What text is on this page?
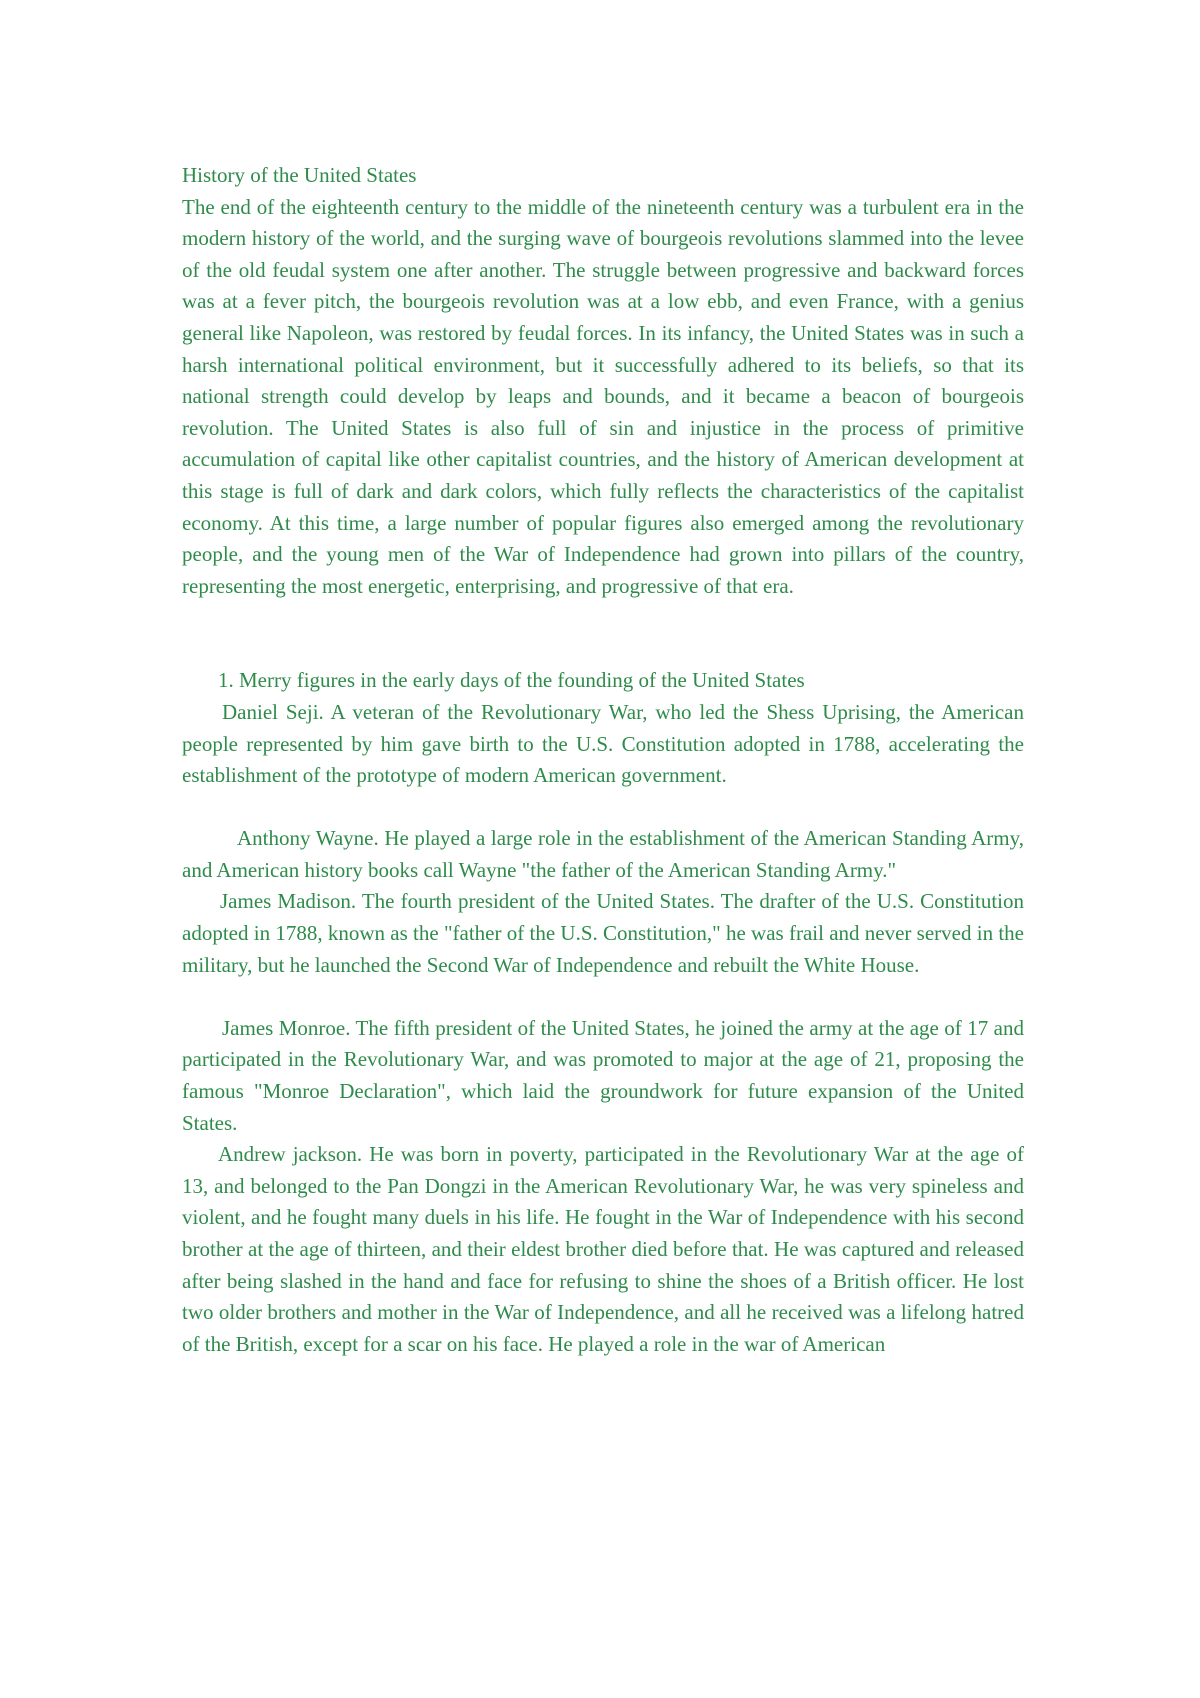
History of the United States

The end of the eighteenth century to the middle of the nineteenth century was a turbulent era in the modern history of the world, and the surging wave of bourgeois revolutions slammed into the levee of the old feudal system one after another. The struggle between progressive and backward forces was at a fever pitch, the bourgeois revolution was at a low ebb, and even France, with a genius general like Napoleon, was restored by feudal forces. In its infancy, the United States was in such a harsh international political environment, but it successfully adhered to its beliefs, so that its national strength could develop by leaps and bounds, and it became a beacon of bourgeois revolution. The United States is also full of sin and injustice in the process of primitive accumulation of capital like other capitalist countries, and the history of American development at this stage is full of dark and dark colors, which fully reflects the characteristics of the capitalist economy. At this time, a large number of popular figures also emerged among the revolutionary people, and the young men of the War of Independence had grown into pillars of the country, representing the most energetic, enterprising, and progressive of that era.

1. Merry figures in the early days of the founding of the United States

Daniel Seji. A veteran of the Revolutionary War, who led the Shess Uprising, the American people represented by him gave birth to the U.S. Constitution adopted in 1788, accelerating the establishment of the prototype of modern American government.

Anthony Wayne. He played a large role in the establishment of the American Standing Army, and American history books call Wayne "the father of the American Standing Army."

James Madison. The fourth president of the United States. The drafter of the U.S. Constitution adopted in 1788, known as the "father of the U.S. Constitution," he was frail and never served in the military, but he launched the Second War of Independence and rebuilt the White House.

James Monroe. The fifth president of the United States, he joined the army at the age of 17 and participated in the Revolutionary War, and was promoted to major at the age of 21, proposing the famous "Monroe Declaration", which laid the groundwork for future expansion of the United States.

Andrew jackson. He was born in poverty, participated in the Revolutionary War at the age of 13, and belonged to the Pan Dongzi in the American Revolutionary War, he was very spineless and violent, and he fought many duels in his life. He fought in the War of Independence with his second brother at the age of thirteen, and their eldest brother died before that. He was captured and released after being slashed in the hand and face for refusing to shine the shoes of a British officer. He lost two older brothers and mother in the War of Independence, and all he received was a lifelong hatred of the British, except for a scar on his face. He played a role in the war of American
